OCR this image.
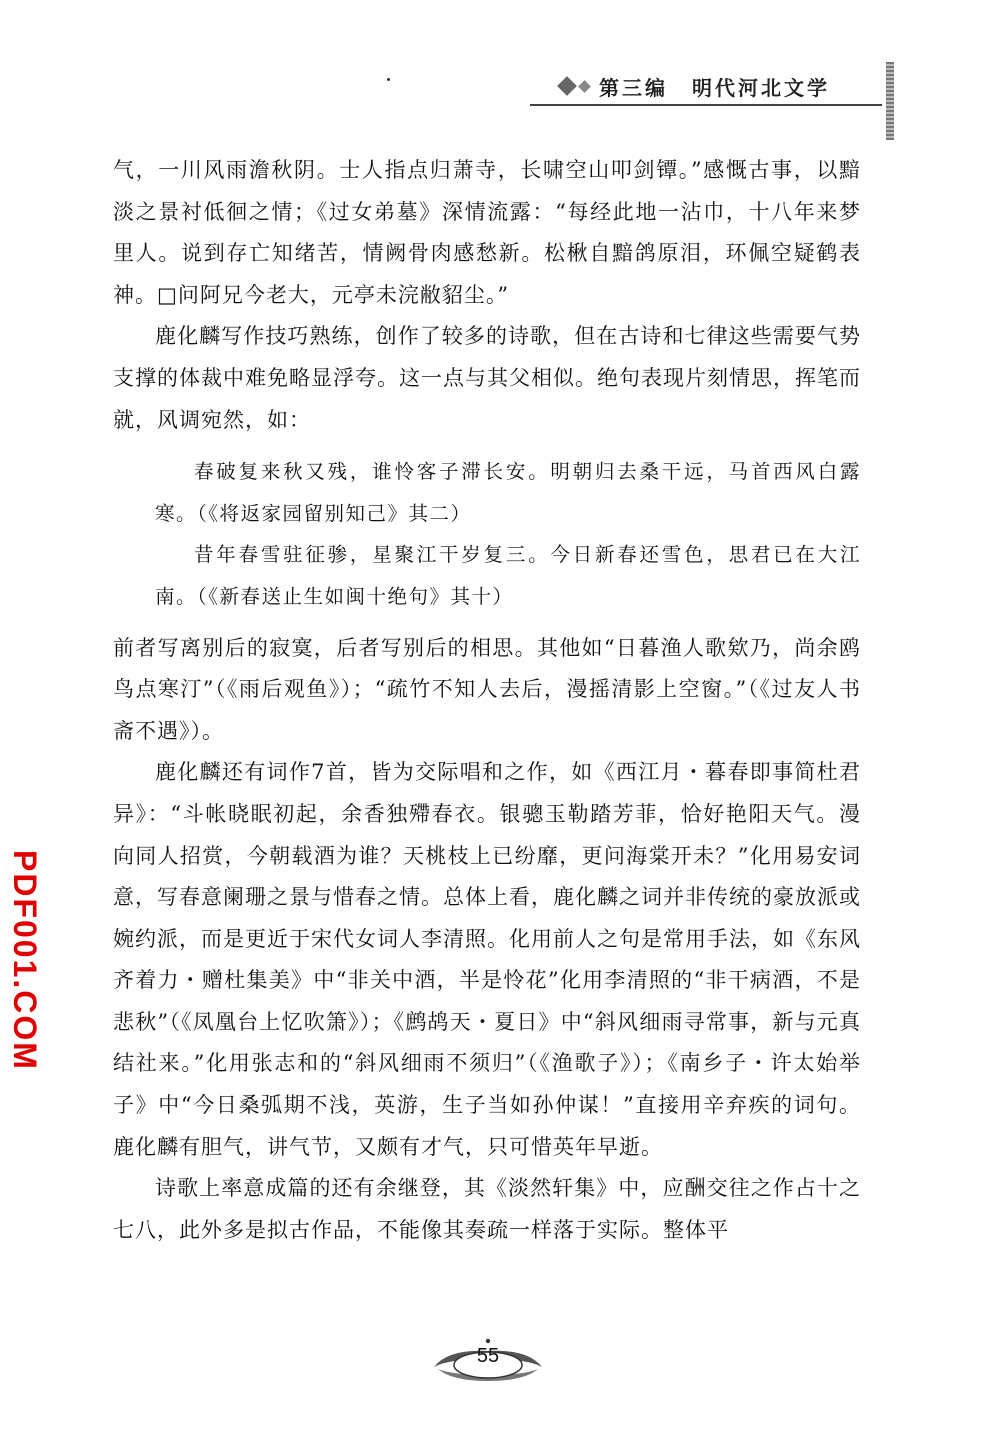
第三编 明代河北文学
PDF001.COM

气，一川风雨澹秋阴。士人指点归萧寺，长啸空山叩剑镡。”感慨古事，以黯淡之景衬低徊之情；《过女弟墓》深情流露：“每经此地一沾巾，十八年来梦里人。说到存亡知绪苦，情阙骨肉感愁新。松楸自黯鸽原泪，环佩空疑鹤表神。□问阿兄今老大，元亭未浣敝貂尘。”

鹿化麟写作技巧熟练，创作了较多的诗歌，但在古诗和七律这些需要气势支撑的体裁中难免略显浮夸。这一点与其父相似。绝句表现片刻情思，挥笔而就，风调宛然，如：

春破复来秋又残，谁怜客子滞长安。明朝归去桑干远，马首西风白露寒。（《将返家园留别知己》其二）

昔年春雪驻征骖，星聚江干岁复三。今日新春还雪色，思君已在大江南。（《新春送止生如闽十绝句》其十）

前者写离别后的寂寞，后者写别后的相思。其他如“日暮渔人歌欸乃，尚余鸥鸟点寒汀”（《雨后观鱼》）；“疏竹不知人去后，漫摇清影上空窗。”（《过友人书斋不遇》）。

鹿化麟还有词作7首，皆为交际唱和之作，如《西江月・暮春即事简杜君异》：“斗帐晓眠初起，余香独殢春衣。银骢玉勒踏芳菲，恰好艳阳天气。漫向同人招赏，今朝载酒为谁？天桃枝上已纷靡，更问海棠开未？”化用易安词意，写春意阑珊之景与惜春之情。总体上看，鹿化麟之词并非传统的豪放派或婉约派，而是更近于宋代女词人李清照。化用前人之句是常用手法，如《东风齐着力・赠杜集美》中“非关中酒，半是怜花”化用李清照的“非干病酒，不是悲秋”（《凤凰台上忆吹箫》）；《鹧鸪天・夏日》中“斜风细雨寻常事，新与元真结社来。”化用张志和的“斜风细雨不须归”（《渔歌子》）；《南乡子・许太始举子》中“今日桑弧期不浅，英游，生子当如孙仲谋！”直接用辛弃疾的词句。鹿化麟有胆气，讲气节，又颇有才气，只可惜英年早逝。

诗歌上率意成篇的还有余继登，其《淡然轩集》中，应酬交往之作占十之七八，此外多是拟古作品，不能像其奏疏一样落于实际。整体平

55
